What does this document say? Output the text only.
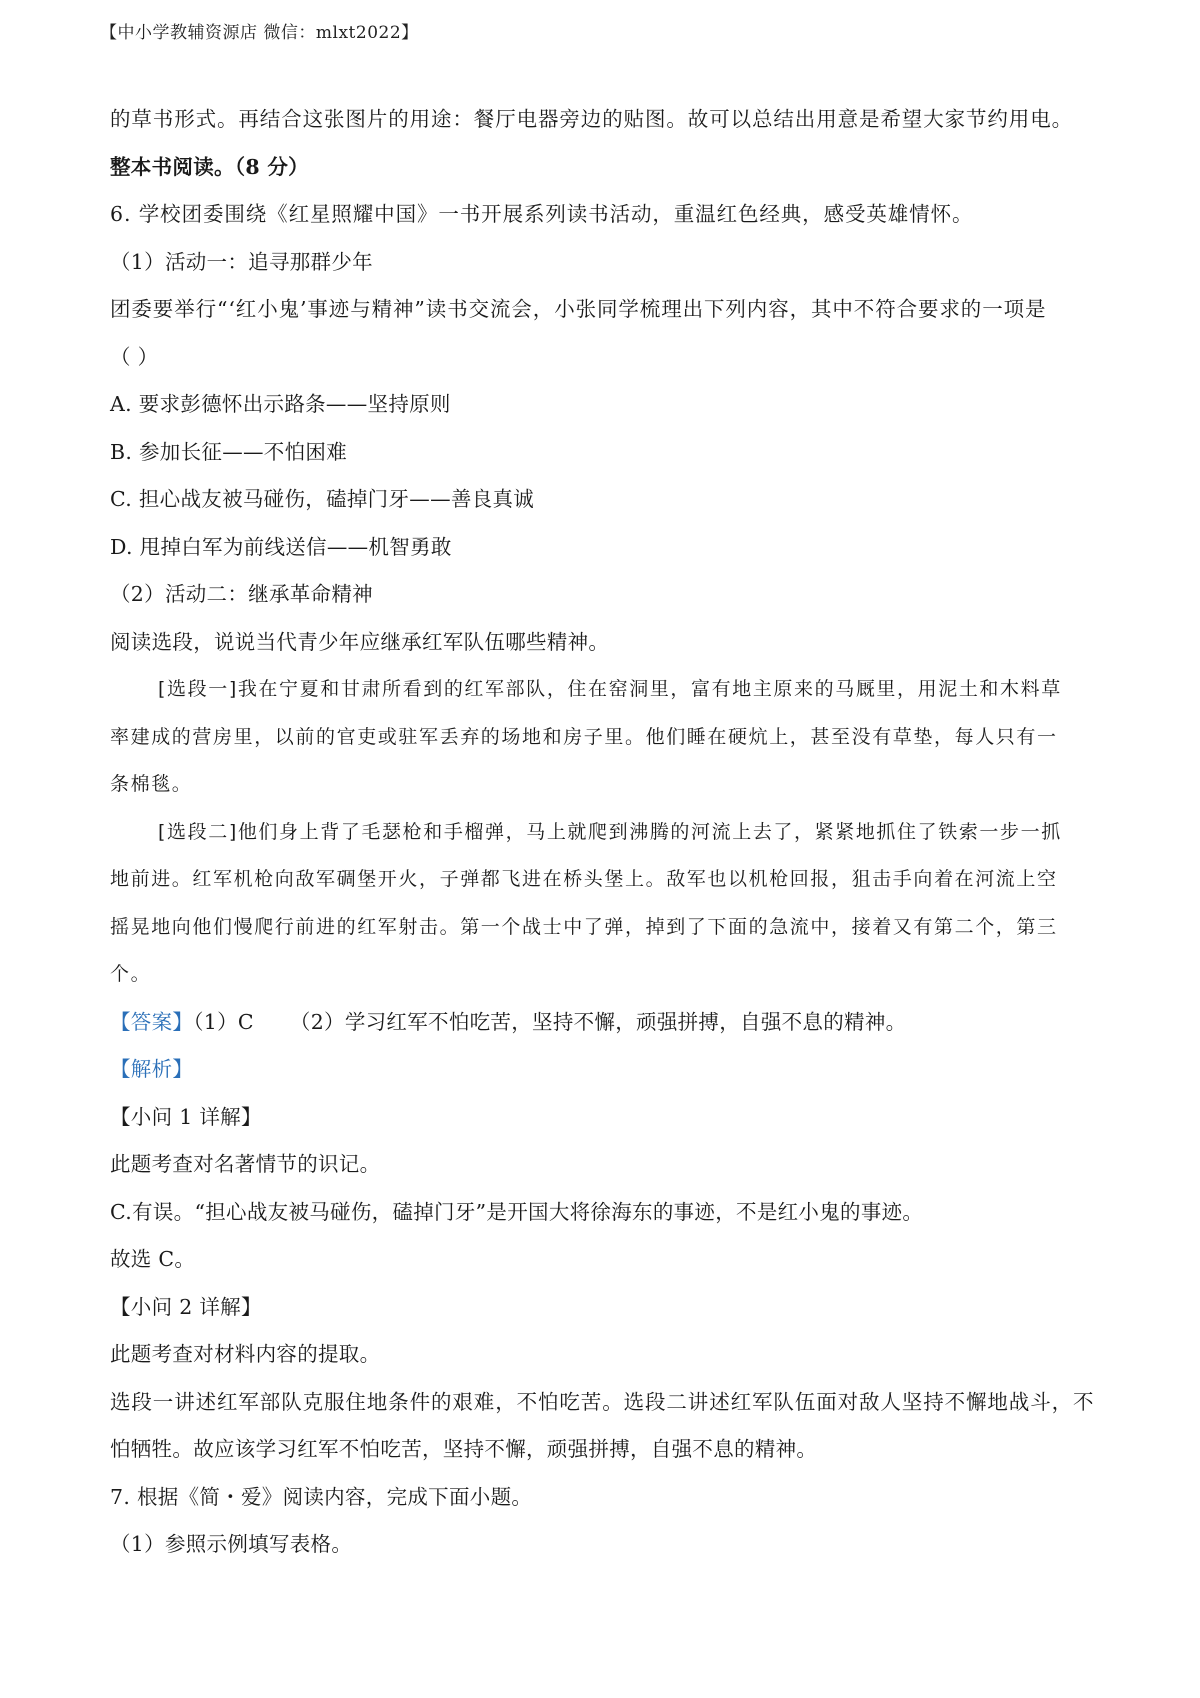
【中小学教辅资源店 微信：mlxt2022】
的草书形式。再结合这张图片的用途：餐厅电器旁边的贴图。故可以总结出用意是希望大家节约用电。
整本书阅读。（8 分）
6. 学校团委围绕《红星照耀中国》一书开展系列读书活动，重温红色经典，感受英雄情怀。
（1）活动一：追寻那群少年
团委要举行“‘红小鬼’事迹与精神”读书交流会，小张同学梳理出下列内容，其中不符合要求的一项是
（ ）
A. 要求彭德怀出示路条——坚持原则
B. 参加长征——不怕困难
C. 担心战友被马碰伤，磕掉门牙——善良真诚
D. 甩掉白军为前线送信——机智勇敢
（2）活动二：继承革命精神
阅读选段，说说当代青少年应继承红军队伍哪些精神。
[选段一]我在宁夏和甘肃所看到的红军部队，住在窑洞里，富有地主原来的马厩里，用泥土和木料草
率建成的营房里，以前的官吏或驻军丢弃的场地和房子里。他们睡在硬炕上，甚至没有草垫，每人只有一
条棉毯。
[选段二]他们身上背了毛瑟枪和手榴弹，马上就爬到沸腾的河流上去了，紧紧地抓住了铁索一步一抓
地前进。红军机枪向敌军碉堡开火，子弹都飞进在桥头堡上。敌军也以机枪回报，狙击手向着在河流上空
摇晃地向他们慢爬行前进的红军射击。第一个战士中了弹，掉到了下面的急流中，接着又有第二个，第三
个。
【答案】（1）C （2）学习红军不怕吃苦，坚持不懈，顽强拼搏，自强不息的精神。
【解析】
【小问 1 详解】
此题考查对名著情节的识记。
C.有误。“担心战友被马碰伤，磕掉门牙”是开国大将徐海东的事迹，不是红小鬼的事迹。
故选 C。
【小问 2 详解】
此题考查对材料内容的提取。
选段一讲述红军部队克服住地条件的艰难，不怕吃苦。选段二讲述红军队伍面对敌人坚持不懈地战斗，不
怕牺牲。故应该学习红军不怕吃苦，坚持不懈，顽强拼搏，自强不息的精神。
7. 根据《简・爱》阅读内容，完成下面小题。
（1）参照示例填写表格。
